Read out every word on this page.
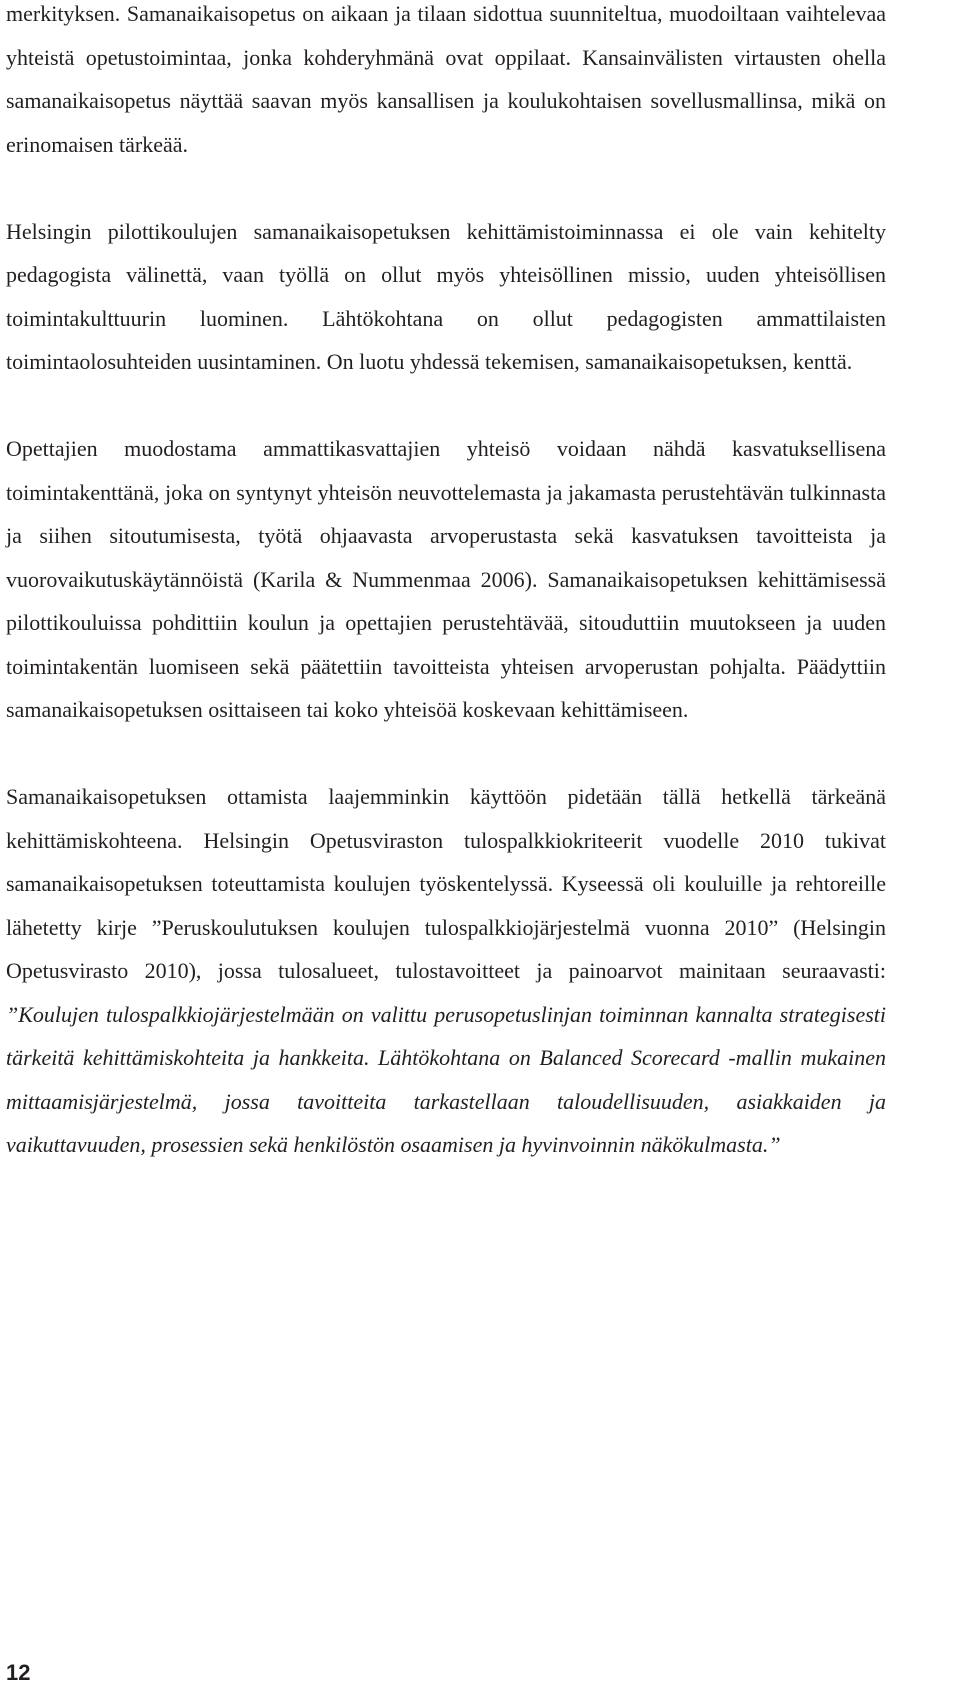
merkityksen. Samanaikaisopetus on aikaan ja tilaan sidottua suunniteltua, muodoiltaan vaihtelevaa yhteistä opetustoimintaa, jonka kohderyhmänä ovat oppilaat. Kansainvälisten virtausten ohella samanaikaisopetus näyttää saavan myös kansallisen ja koulukohtaisen sovellusmallinsa, mikä on erinomaisen tärkeää.

Helsingin pilottikoulujen samanaikaisopetuksen kehittämistoiminnassa ei ole vain kehitelty pedagogista välinettä, vaan työllä on ollut myös yhteisöllinen missio, uuden yhteisöllisen toimintakulttuurin luominen. Lähtökohtana on ollut pedagogisten ammattilaisten toimintaolosuhteiden uusintaminen. On luotu yhdessä tekemisen, samanaikaisopetuksen, kenttä.

Opettajien muodostama ammattikasvattajien yhteisö voidaan nähdä kasvatuksellisena toimintakenttänä, joka on syntynyt yhteisön neuvottelemasta ja jakamasta perustehtävän tulkinnasta ja siihen sitoutumisesta, työtä ohjaavasta arvoperustasta sekä kasvatuksen tavoitteista ja vuorovaikutuskäytännöistä (Karila & Nummenmaa 2006). Samanaikaisopetuksen kehittämisessä pilottikouluissa pohdittiin koulun ja opettajien perustehtävää, sitouduttiin muutokseen ja uuden toimintakentän luomiseen sekä päätettiin tavoitteista yhteisen arvoperustan pohjalta. Päädyttiin samanaikaisopetuksen osittaiseen tai koko yhteisöä koskevaan kehittämiseen.

Samanaikaisopetuksen ottamista laajemminkin käyttöön pidetään tällä hetkellä tärkeänä kehittämiskohteena. Helsingin Opetusviraston tulospalkkiokriteerit vuodelle 2010 tukivat samanaikaisopetuksen toteuttamista koulujen työskentelyssä. Kyseessä oli kouluille ja rehtoreille lähetetty kirje ”Peruskoulutuksen koulujen tulospalkkiojärjestelmä vuonna 2010” (Helsingin Opetusvirasto 2010), jossa tulosalueet, tulostavoitteet ja painoarvot mainitaan seuraavasti: ”Koulujen tulospalkkiojärjestelmään on valittu perusopetuslinjan toiminnan kannalta strategisesti tärkeitä kehittämiskohteita ja hankkeita. Lähtökohtana on Balanced Scorecard -mallin mukainen mittaamisjärjestelmä, jossa tavoitteita tarkastellaan taloudellisuuden, asiakkaiden ja vaikuttavuuden, prosessien sekä henkilöstön osaamisen ja hyvinvoinnin näkökulmasta.”

12
